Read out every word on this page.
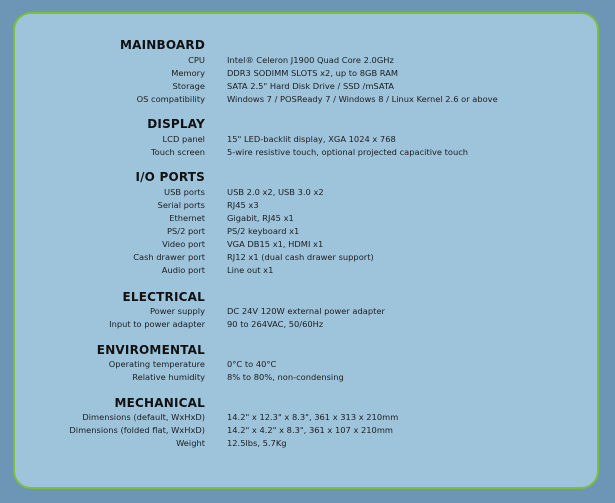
MAINBOARD
CPU	Intel® Celeron J1900 Quad Core 2.0GHz
Memory	DDR3 SODIMM SLOTS x2, up to 8GB RAM
Storage	SATA 2.5" Hard Disk Drive / SSD /mSATA
OS compatibility	Windows 7 / POSReady 7 / Windows 8 / Linux Kernel 2.6 or above
DISPLAY
LCD panel	15" LED-backlit display, XGA 1024 x 768
Touch screen	5-wire resistive touch, optional projected capacitive touch
I/O PORTS
USB ports	USB 2.0 x2, USB 3.0 x2
Serial ports	RJ45 x3
Ethernet	Gigabit, RJ45 x1
PS/2 port	PS/2 keyboard x1
Video port	VGA DB15 x1, HDMI x1
Cash drawer port	RJ12 x1 (dual cash drawer support)
Audio port	Line out x1
ELECTRICAL
Power supply	DC 24V 120W external power adapter
Input to power adapter	90 to 264VAC, 50/60Hz
ENVIROMENTAL
Operating temperature	0°C to 40°C
Relative humidity	8% to 80%, non-condensing
MECHANICAL
Dimensions (default, WxHxD)	14.2" x 12.3" x 8.3", 361 x 313 x 210mm
Dimensions (folded flat, WxHxD)	14.2" x 4.2" x 8.3", 361 x 107 x 210mm
Weight	12.5lbs, 5.7Kg
